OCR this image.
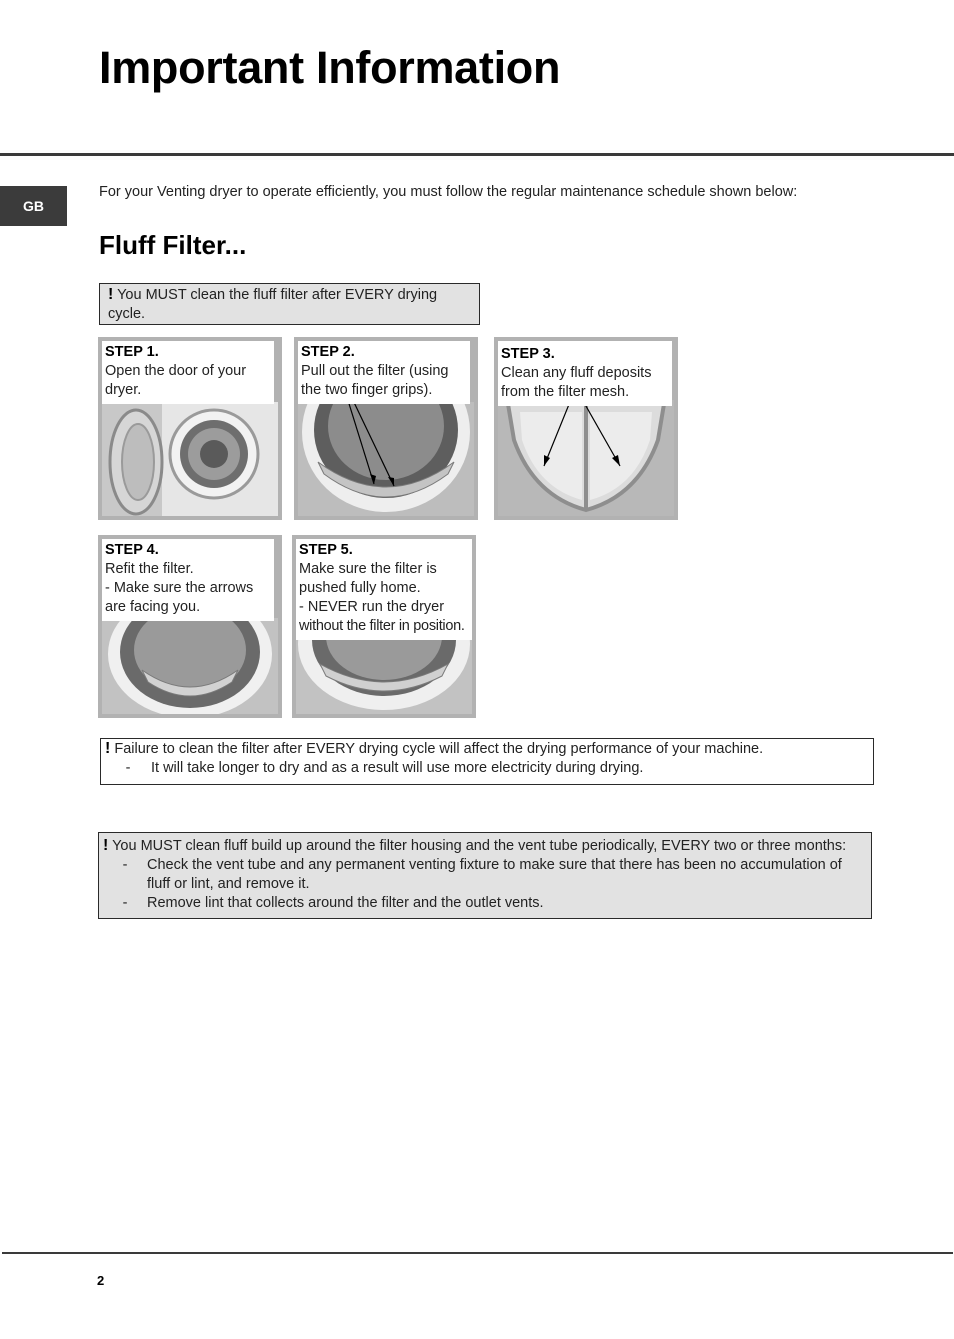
Important Information
GB
For your Venting dryer to operate efficiently, you must follow the regular maintenance schedule shown below:
Fluff Filter...
! You MUST clean the fluff filter after EVERY drying cycle.
STEP 1.
Open the door of your dryer.
STEP 2.
Pull out the filter (using the two finger grips).
STEP 3.
Clean any fluff deposits from the filter mesh.
STEP 4.
Refit the filter.
- Make sure the arrows are facing you.
STEP 5.
Make sure the filter is pushed fully home.
- NEVER run the dryer
without the filter in position.
! Failure to clean the filter after EVERY drying cycle will affect the drying performance of your machine.
-	It will take longer to dry and as a result will use more electricity during drying.
! You MUST clean fluff build up around the filter housing and the vent tube periodically, EVERY two or three months:
-	Check the vent tube and any permanent venting fixture to make sure that there has been no accumulation of fluff or lint, and remove it.
-	Remove lint that collects around the filter and the outlet vents.
2
